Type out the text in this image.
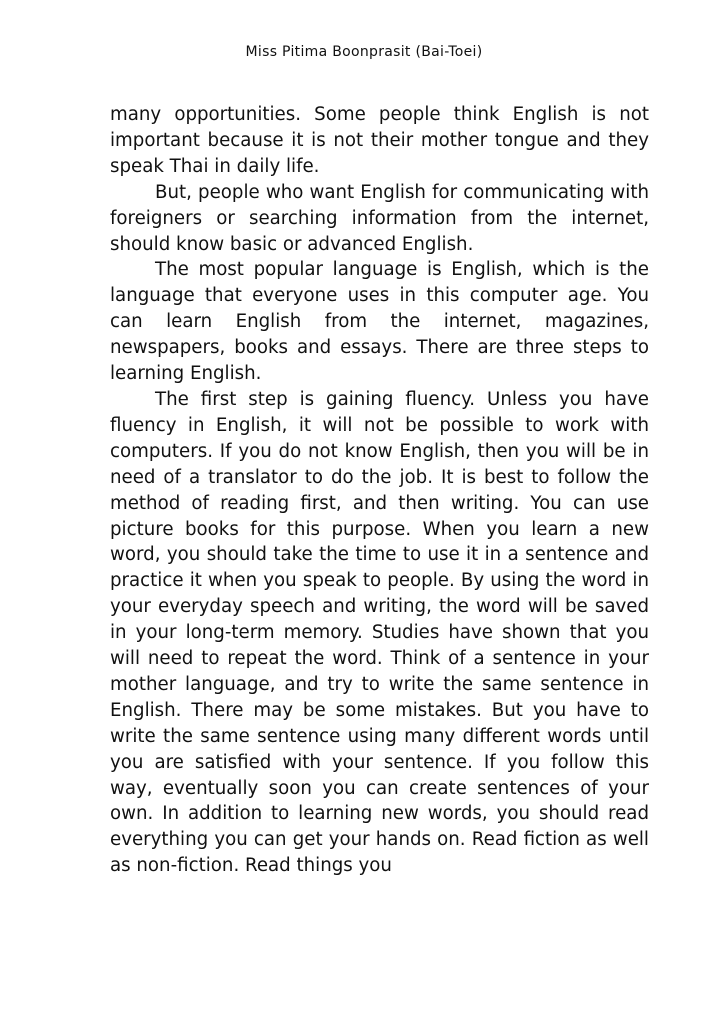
Miss Pitima Boonprasit (Bai-Toei)

many opportunities. Some people think English is not important because it is not their mother tongue and they speak Thai in daily life.

But, people who want English for communicating with foreigners or searching information from the internet, should know basic or advanced English.

The most popular language is English, which is the language that everyone uses in this computer age. You can learn English from the internet, magazines, newspapers, books and essays. There are three steps to learning English.

The first step is gaining fluency. Unless you have fluency in English, it will not be possible to work with computers. If you do not know English, then you will be in need of a translator to do the job. It is best to follow the method of reading first, and then writing. You can use picture books for this purpose. When you learn a new word, you should take the time to use it in a sentence and practice it when you speak to people. By using the word in your everyday speech and writing, the word will be saved in your long-term memory. Studies have shown that you will need to repeat the word. Think of a sentence in your mother language, and try to write the same sentence in English. There may be some mistakes. But you have to write the same sentence using many different words until you are satisfied with your sentence. If you follow this way, eventually soon you can create sentences of your own. In addition to learning new words, you should read everything you can get your hands on. Read fiction as well as non-fiction. Read things you
